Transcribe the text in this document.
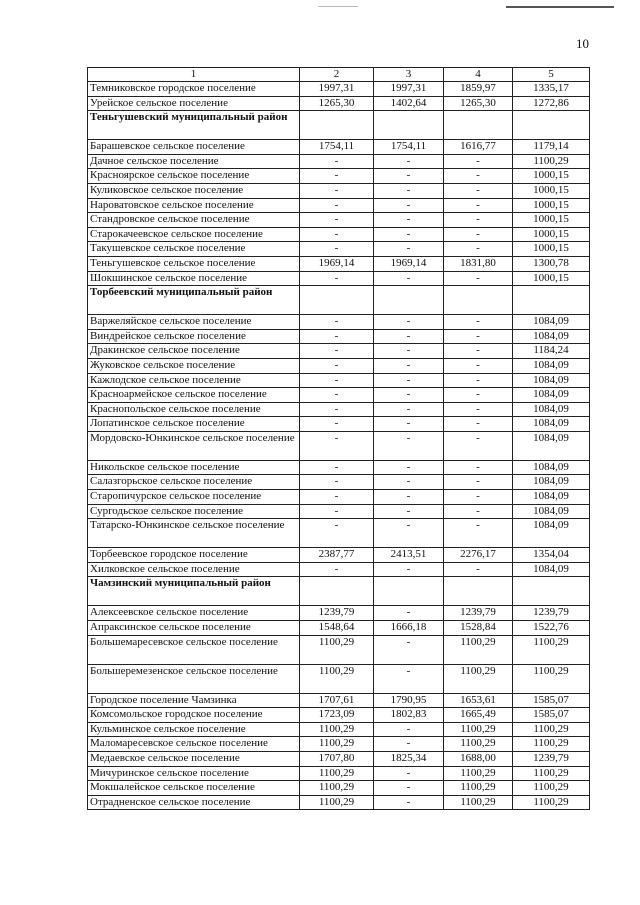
10
1	2	3	4	5
Темниковское городское поселение	1997,31	1997,31	1859,97	1335,17
Урейское сельское поселение	1265,30	1402,64	1265,30	1272,86
Теньгушевский муниципальный район				
Барашевское сельское поселение	1754,11	1754,11	1616,77	1179,14
Дачное сельское поселение	-	-	-	1100,29
Красноярское сельское поселение	-	-	-	1000,15
Куликовское сельское поселение	-	-	-	1000,15
Нароватовское сельское поселение	-	-	-	1000,15
Стандровское сельское поселение	-	-	-	1000,15
Старокачеевское сельское поселение	-	-	-	1000,15
Такушевское сельское поселение	-	-	-	1000,15
Теньгушевское сельское поселение	1969,14	1969,14	1831,80	1300,78
Шокшинское сельское поселение	-	-	-	1000,15
Торбеевский муниципальный район				
Варжеляйское сельское поселение	-	-	-	1084,09
Виндрейское сельское поселение	-	-	-	1084,09
Дракинское сельское поселение	-	-	-	1184,24
Жуковское сельское поселение	-	-	-	1084,09
Кажлодское сельское поселение	-	-	-	1084,09
Красноармейское сельское поселение	-	-	-	1084,09
Краснопольское сельское поселение	-	-	-	1084,09
Лопатинское сельское поселение	-	-	-	1084,09
Мордовско-Юнкинское сельское поселение	-	-	-	1084,09
Никольское сельское поселение	-	-	-	1084,09
Салазгорьское сельское поселение	-	-	-	1084,09
Старопичурское сельское поселение	-	-	-	1084,09
Сургодьское сельское поселение	-	-	-	1084,09
Татарско-Юнкинское сельское поселение	-	-	-	1084,09
Торбеевское городское поселение	2387,77	2413,51	2276,17	1354,04
Хилковское сельское поселение	-	-	-	1084,09
Чамзинский муниципальный район				
Алексеевское сельское поселение	1239,79	-	1239,79	1239,79
Апраксинское сельское поселение	1548,64	1666,18	1528,84	1522,76
Большемаресевское сельское поселение	1100,29	-	1100,29	1100,29
Большеремезенское сельское поселение	1100,29	-	1100,29	1100,29
Городское поселение Чамзинка	1707,61	1790,95	1653,61	1585,07
Комсомольское городское поселение	1723,09	1802,83	1665,49	1585,07
Кульминское сельское поселение	1100,29	-	1100,29	1100,29
Маломаресевское сельское поселение	1100,29	-	1100,29	1100,29
Медаевское сельское поселение	1707,80	1825,34	1688,00	1239,79
Мичуринское сельское поселение	1100,29	-	1100,29	1100,29
Мокшалейское сельское поселение	1100,29	-	1100,29	1100,29
Отрадненское сельское поселение	1100,29	-	1100,29	1100,29
